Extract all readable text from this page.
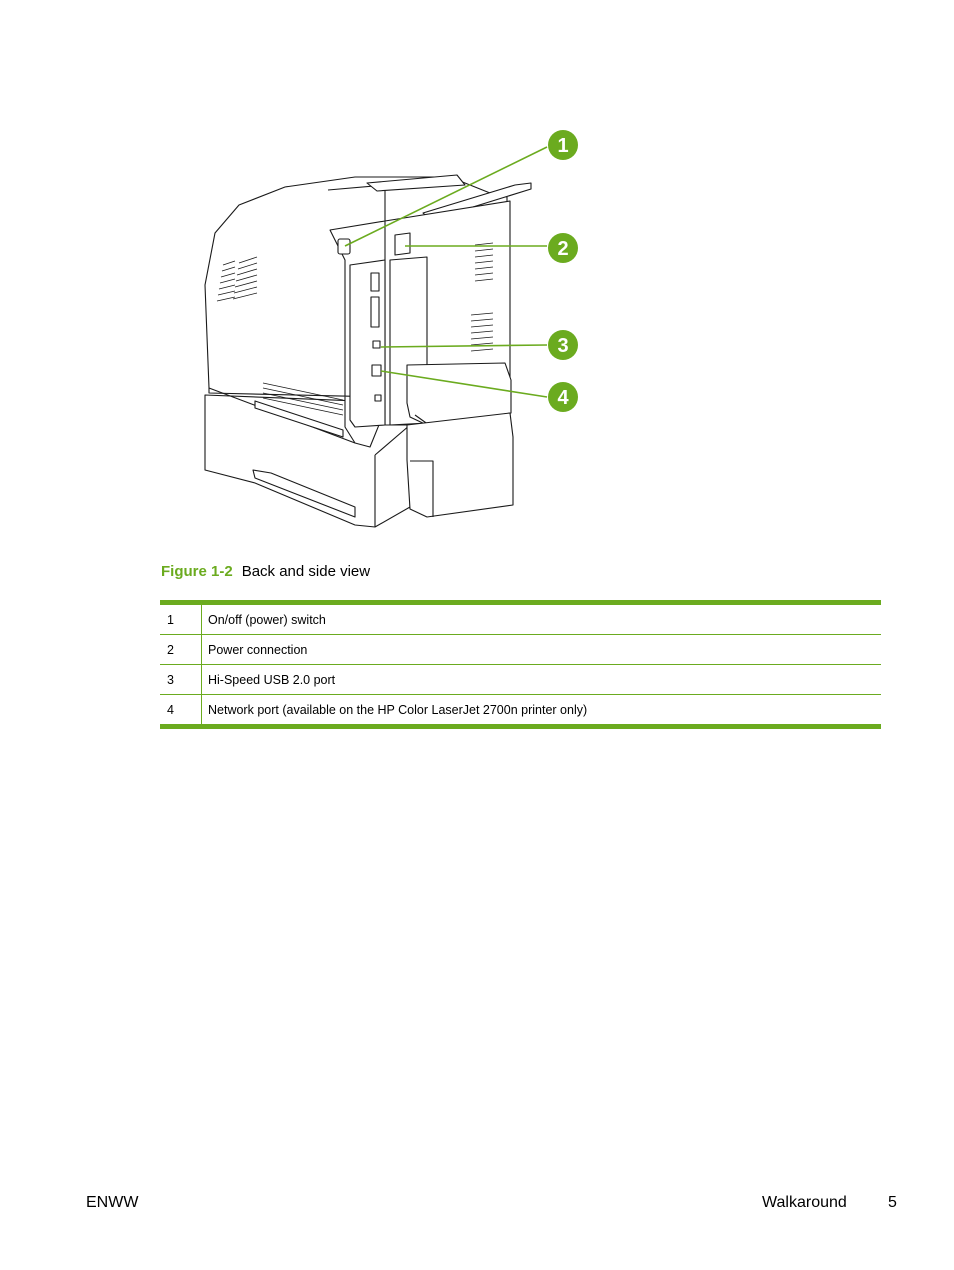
1
2
3
4
Figure 1-2 Back and side view
1	On/off (power) switch
2	Power connection
3	Hi-Speed USB 2.0 port
4	Network port (available on the HP Color LaserJet 2700n printer only)
ENWW	Walkaround	5
